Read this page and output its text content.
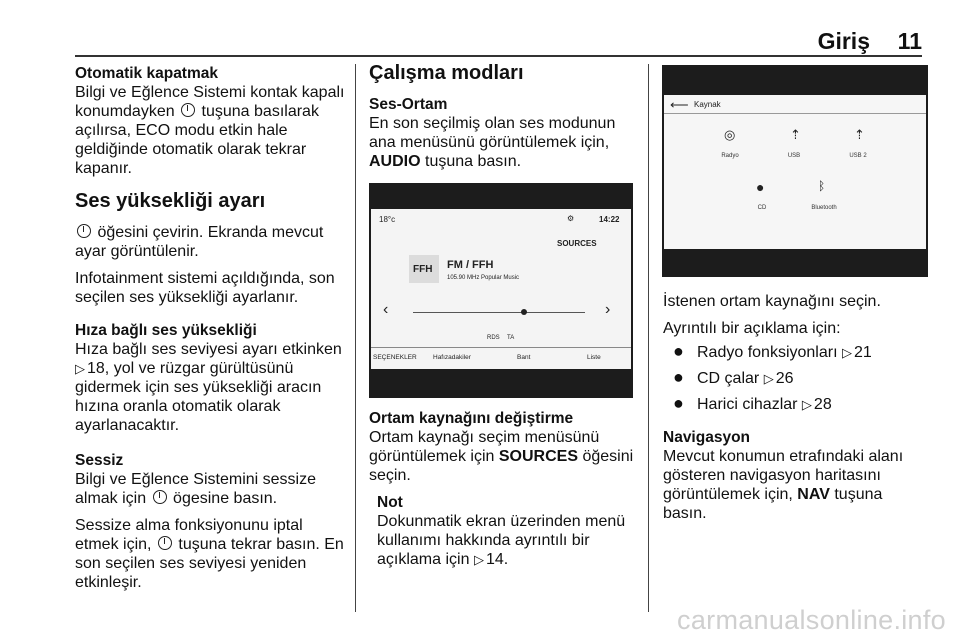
Giriş 11
Otomatik kapatmak

Bilgi ve Eğlence Sistemi kontak kapalı konumdayken tuşuna basılarak açılırsa, ECO modu etkin hale geldiğinde otomatik olarak tekrar kapanır.

Ses yüksekliği ayarı

öğesini çevirin. Ekranda mevcut ayar görüntülenir.

Infotainment sistemi açıldığında, son seçilen ses yüksekliği ayarlanır.

Hıza bağlı ses yüksekliği

Hıza bağlı ses seviyesi ayarı etkinken ▷ 18, yol ve rüzgar gürültüsünü gidermek için ses yüksekliği aracın hızına oranla otomatik olarak ayarlanacaktır.

Sessiz

Bilgi ve Eğlence Sistemini sessize almak için ögesine basın.

Sessize alma fonksiyonunu iptal etmek için, tuşuna tekrar basın. En son seçilen ses seviyesi yeniden etkinleşir.

Çalışma modları
Ses-Ortam

En son seçilmiş olan ses modunun ana menüsünü görüntülemek için, AUDIO tuşuna basın.

18°c	⚙	14:22
SOURCES
FFH FM / FFH
105.90 MHz Popular Music
‹	›
RDS TA
SEÇENEKLER	Hafızadakiler	Bant	Liste
Ortam kaynağını değiştirme

Ortam kaynağı seçim menüsünü görüntülemek için SOURCES öğesini seçin.

Not

Dokunmatik ekran üzerinden menü kullanımı hakkında ayrıntılı bir açıklama için ▷ 14.

⟵ Kaynak
◎
Radyo
⇡
USB
⇡
USB 2
●
CD
ᛒ
Bluetooth

İstenen ortam kaynağını seçin.

Ayrıntılı bir açıklama için:

● Radyo fonksiyonları ▷ 21
● CD çalar ▷ 26
● Harici cihazlar ▷ 28
Navigasyon

Mevcut konumun etrafındaki alanı gösteren navigasyon haritasını görüntülemek için, NAV tuşuna basın.

carmanualsonline.info
